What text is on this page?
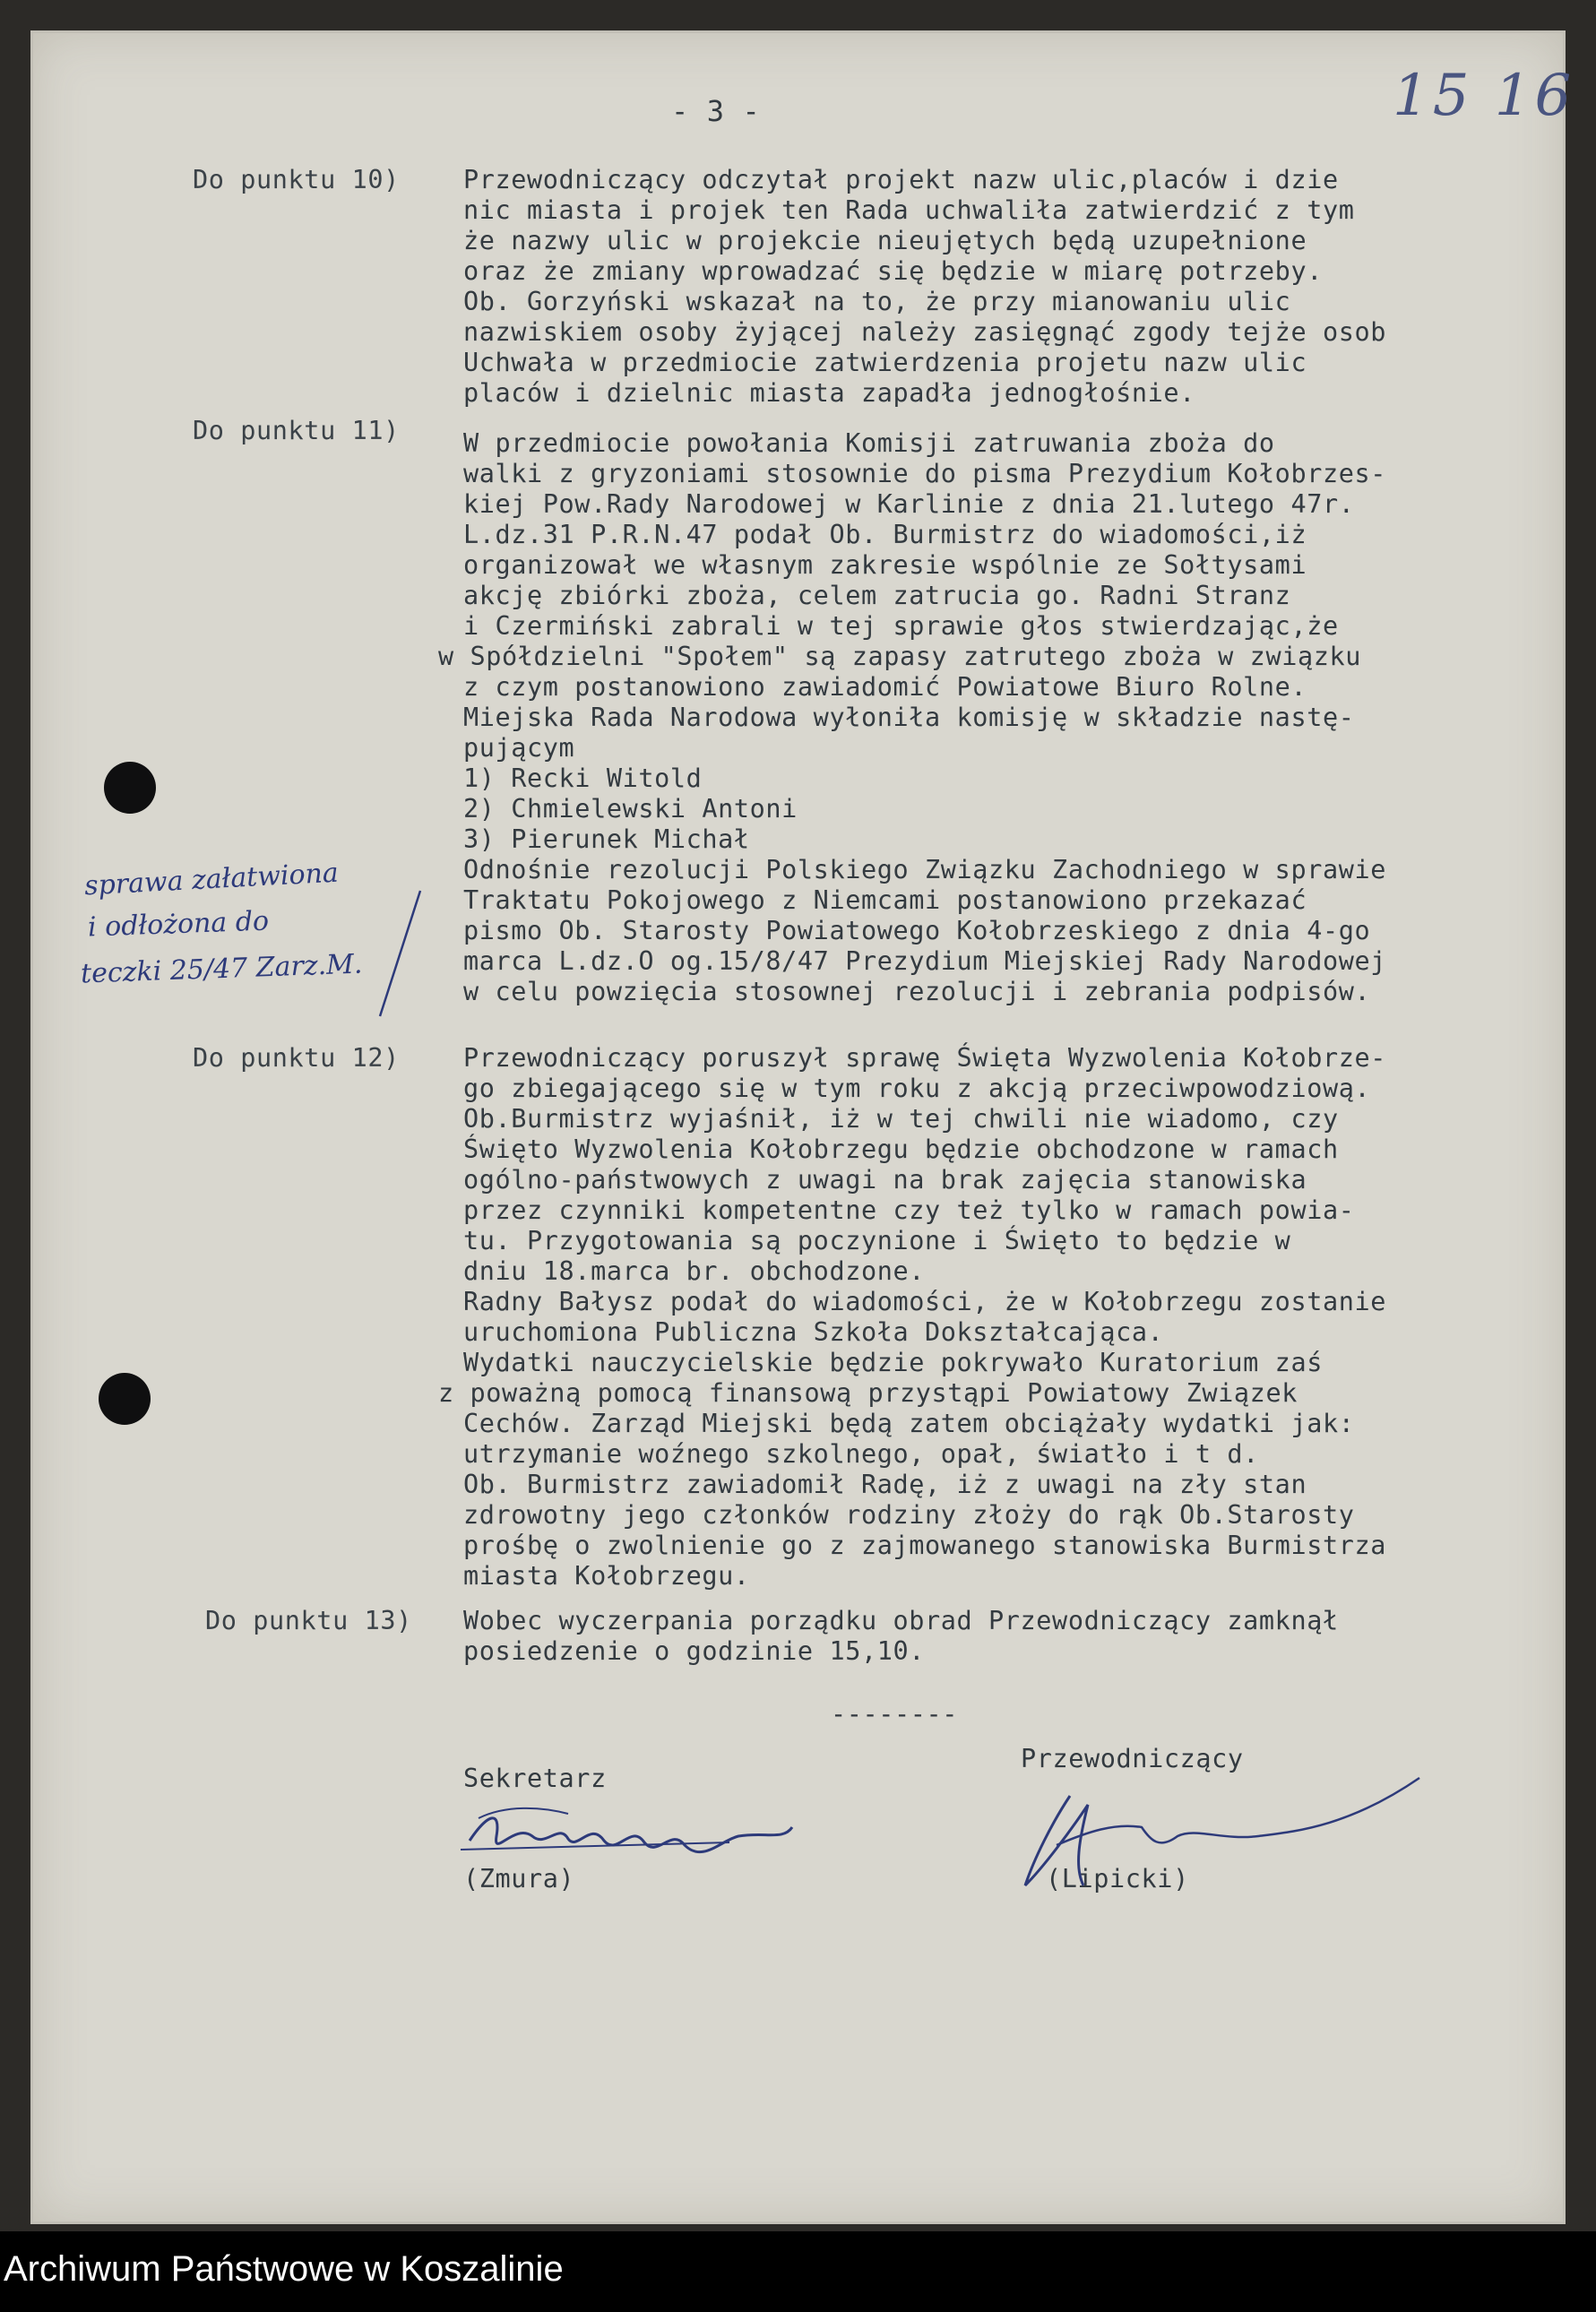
- 3 -	15 16
Do punktu 10) Przewodniczący odczytał projekt nazw ulic,placów i dzie
nic miasta i projek ten Rada uchwaliła zatwierdzić z tym
że nazwy ulic w projekcie nieujętych będą uzupełnione
oraz że zmiany wprowadzać się będzie w miarę potrzeby.
Ob. Gorzyński wskazał na to, że przy mianowaniu ulic
nazwiskiem osoby żyjącej należy zasięgnąć zgody tejże osob
Uchwała w przedmiocie zatwierdzenia projetu nazw ulic
placów i dzielnic miasta zapadła jednogłośnie.
Do punktu 11) W przedmiocie powołania Komisji zatruwania zboża do
walki z gryzoniami stosownie do pisma Prezydium Kołobrzes-
kiej Pow.Rady Narodowej w Karlinie z dnia 21.lutego 47r.
L.dz.31 P.R.N.47 podał Ob. Burmistrz do wiadomości,iż
organizował we własnym zakresie wspólnie ze Sołtysami
akcję zbiórki zboża, celem zatrucia go. Radni Stranz
i Czermiński zabrali w tej sprawie głos stwierdzając,że
w Spółdzielni "Społem" są zapasy zatrutego zboża w związku
z czym postanowiono zawiadomić Powiatowe Biuro Rolne.
Miejska Rada Narodowa wyłoniła komisję w składzie nastę-
pującym
1) Recki Witold
2) Chmielewski Antoni
3) Pierunek Michał
Odnośnie rezolucji Polskiego Związku Zachodniego w sprawie
Traktatu Pokojowego z Niemcami postanowiono przekazać
pismo Ob. Starosty Powiatowego Kołobrzeskiego z dnia 4-go
marca L.dz.O og.15/8/47 Prezydium Miejskiej Rady Narodowej
w celu powzięcia stosownej rezolucji i zebrania podpisów.
sprawa załatwiona
i odłożona do
teczki 25/47 Zarz.M.
Do punktu 12) Przewodniczący poruszył sprawę Święta Wyzwolenia Kołobrze-
go zbiegającego się w tym roku z akcją przeciwpowodziową.
Ob.Burmistrz wyjaśnił, iż w tej chwili nie wiadomo, czy
Święto Wyzwolenia Kołobrzegu będzie obchodzone w ramach
ogólno-państwowych z uwagi na brak zajęcia stanowiska
przez czynniki kompetentne czy też tylko w ramach powia-
tu. Przygotowania są poczynione i Święto to będzie w
dniu 18.marca br. obchodzone.
Radny Bałysz podał do wiadomości, że w Kołobrzegu zostanie
uruchomiona Publiczna Szkoła Dokształcająca.
Wydatki nauczycielskie będzie pokrywało Kuratorium zaś
z poważną pomocą finansową przystąpi Powiatowy Związek
Cechów. Zarząd Miejski będą zatem obciążały wydatki jak:
utrzymanie woźnego szkolnego, opał, światło i t d.
Ob. Burmistrz zawiadomił Radę, iż z uwagi na zły stan
zdrowotny jego członków rodziny złoży do rąk Ob.Starosty
prośbę o zwolnienie go z zajmowanego stanowiska Burmistrza
miasta Kołobrzegu.
Do punktu 13) Wobec wyczerpania porządku obrad Przewodniczący zamknął
posiedzenie o godzinie 15,10.
--------
Sekretarz
(Zmura)
Przewodniczący
(Lipicki)
Archiwum Państwowe w Koszalinie
